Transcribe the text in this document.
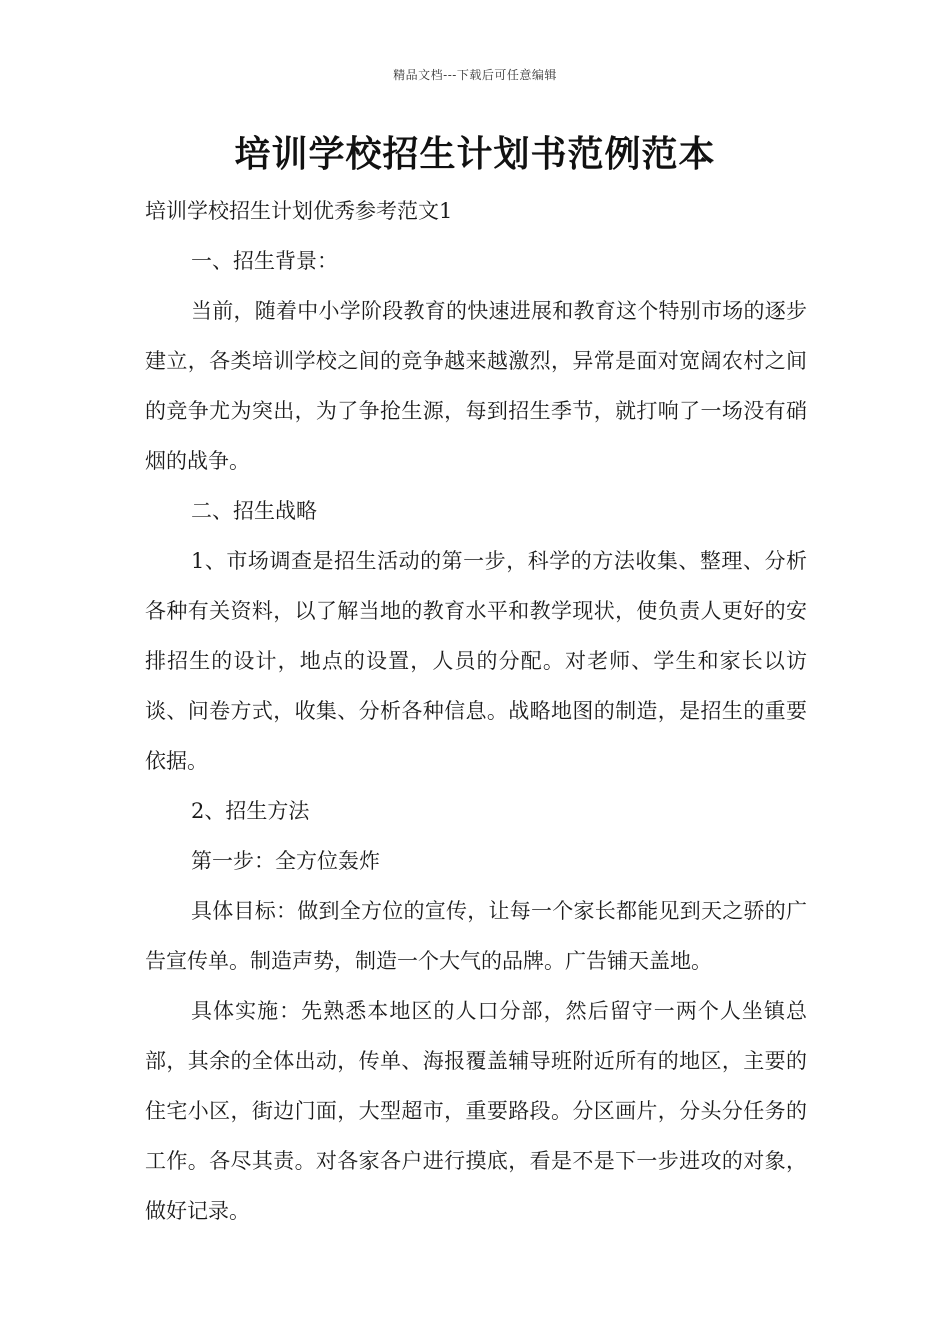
精品文档---下载后可任意编辑
培训学校招生计划书范例范本

培训学校招生计划优秀参考范文1

一、招生背景：

当前，随着中小学阶段教育的快速进展和教育这个特别市场的逐步建立，各类培训学校之间的竞争越来越激烈，异常是面对宽阔农村之间的竞争尤为突出，为了争抢生源，每到招生季节，就打响了一场没有硝烟的战争。

二、招生战略

1、市场调查是招生活动的第一步，科学的方法收集、整理、分析各种有关资料，以了解当地的教育水平和教学现状，使负责人更好的安排招生的设计，地点的设置，人员的分配。对老师、学生和家长以访谈、问卷方式，收集、分析各种信息。战略地图的制造，是招生的重要依据。

2、招生方法

第一步：全方位轰炸

具体目标：做到全方位的宣传，让每一个家长都能见到天之骄的广告宣传单。制造声势，制造一个大气的品牌。广告铺天盖地。

具体实施：先熟悉本地区的人口分部，然后留守一两个人坐镇总部，其余的全体出动，传单、海报覆盖辅导班附近所有的地区，主要的住宅小区，街边门面，大型超市，重要路段。分区画片，分头分任务的工作。各尽其责。对各家各户进行摸底，看是不是下一步进攻的对象，做好记录。
